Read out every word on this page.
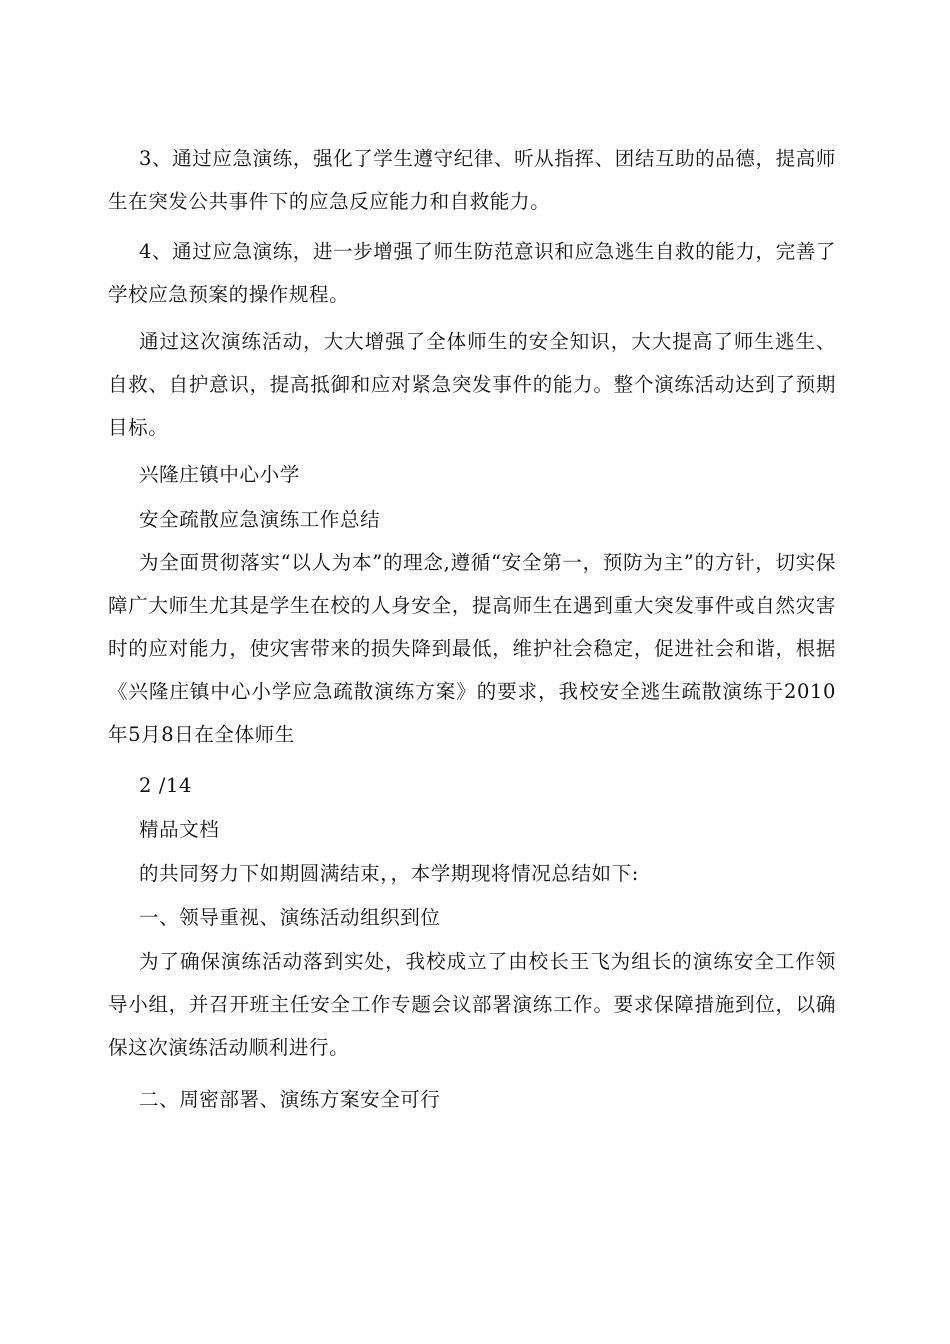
3、通过应急演练，强化了学生遵守纪律、听从指挥、团结互助的品德，提高师生在突发公共事件下的应急反应能力和自救能力。

4、通过应急演练，进一步增强了师生防范意识和应急逃生自救的能力，完善了学校应急预案的操作规程。

通过这次演练活动，大大增强了全体师生的安全知识，大大提高了师生逃生、自救、自护意识，提高抵御和应对紧急突发事件的能力。整个演练活动达到了预期目标。

兴隆庄镇中心小学

安全疏散应急演练工作总结

为全面贯彻落实“以人为本”的理念,遵循“安全第一，预防为主”的方针，切实保障广大师生尤其是学生在校的人身安全，提高师生在遇到重大突发事件或自然灾害时的应对能力，使灾害带来的损失降到最低，维护社会稳定，促进社会和谐，根据《兴隆庄镇中心小学应急疏散演练方案》的要求，我校安全逃生疏散演练于2010年5月8日在全体师生

2 /14

精品文档

的共同努力下如期圆满结束，，本学期现将情况总结如下:

一、领导重视、演练活动组织到位

为了确保演练活动落到实处，我校成立了由校长王飞为组长的演练安全工作领导小组，并召开班主任安全工作专题会议部署演练工作。要求保障措施到位，以确保这次演练活动顺利进行。

二、周密部署、演练方案安全可行
